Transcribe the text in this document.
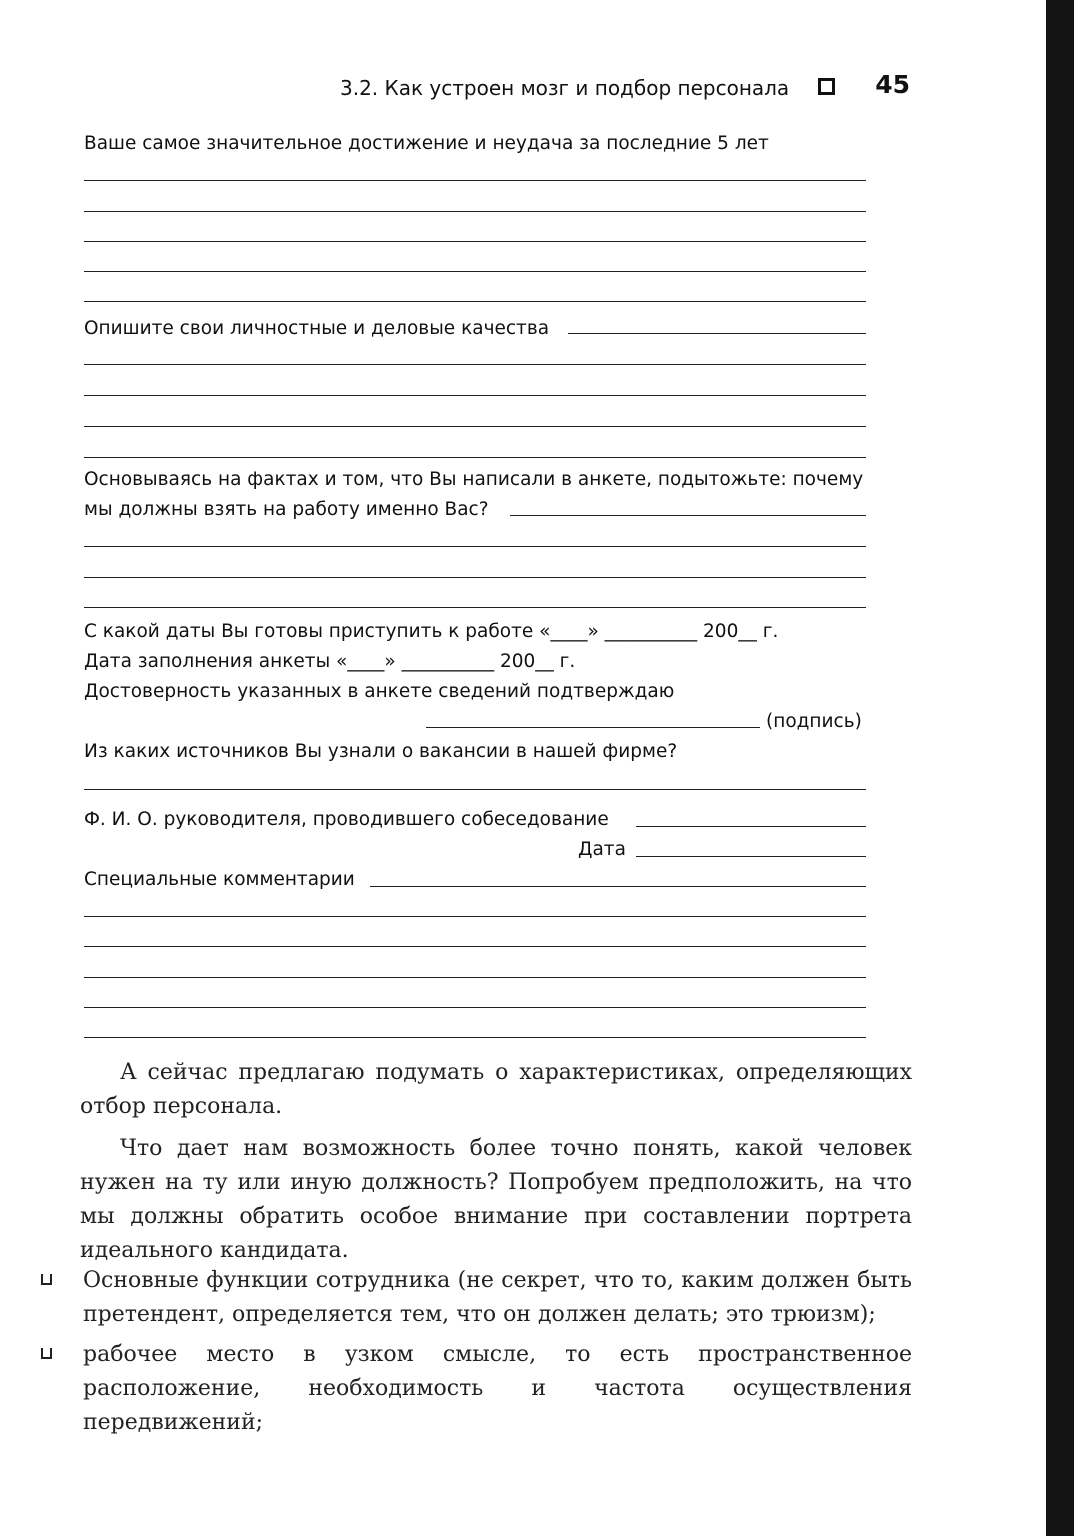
3.2. Как устроен мозг и подбор персонала	45
Ваше самое значительное достижение и неудача за последние 5 лет
Опишите свои личностные и деловые качества
Основываясь на фактах и том, что Вы написали в анкете, подытожьте: почему
мы должны взять на работу именно Вас?
С какой даты Вы готовы приступить к работе «____» __________ 200__ г.
Дата заполнения анкеты «____» __________ 200__ г.
Достоверность указанных в анкете сведений подтверждаю
(подпись)
Из каких источников Вы узнали о вакансии в нашей фирме?
Ф. И. О. руководителя, проводившего собеседование
Дата
Специальные комментарии

А сейчас предлагаю подумать о характеристиках, определяющих отбор персонала.

Что дает нам возможность более точно понять, какой человек нужен на ту или иную должность? Попробуем предположить, на что мы должны обратить особое внимание при составлении портрета идеального кандидата.

Основные функции сотрудника (не секрет, что то, каким должен быть претендент, определяется тем, что он должен делать; это трюизм);
рабочее место в узком смысле, то есть пространственное расположение, необходимость и частота осуществления передвижений;
